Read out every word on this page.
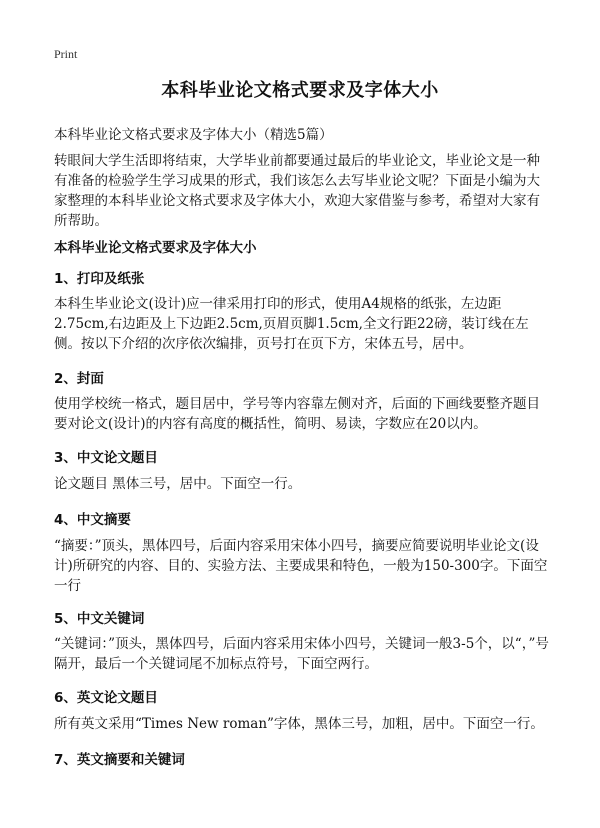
Print
本科毕业论文格式要求及字体大小
本科毕业论文格式要求及字体大小（精选5篇）
转眼间大学生活即将结束，大学毕业前都要通过最后的毕业论文，毕业论文是一种有准备的检验学生学习成果的形式，我们该怎么去写毕业论文呢？下面是小编为大家整理的本科毕业论文格式要求及字体大小，欢迎大家借鉴与参考，希望对大家有所帮助。
本科毕业论文格式要求及字体大小
1、打印及纸张
本科生毕业论文(设计)应一律采用打印的形式，使用A4规格的纸张，左边距2.75cm,右边距及上下边距2.5cm,页眉页脚1.5cm,全文行距22磅，装订线在左侧。按以下介绍的次序依次编排，页号打在页下方，宋体五号，居中。
2、封面
使用学校统一格式，题目居中，学号等内容靠左侧对齐，后面的下画线要整齐题目要对论文(设计)的内容有高度的概括性，简明、易读，字数应在20以内。
3、中文论文题目
论文题目 黑体三号，居中。下面空一行。
4、中文摘要
“摘要：”顶头，黑体四号，后面内容采用宋体小四号，摘要应简要说明毕业论文(设计)所研究的内容、目的、实验方法、主要成果和特色，一般为150-300字。下面空一行
5、中文关键词
“关键词：”顶头，黑体四号，后面内容采用宋体小四号，关键词一般3-5个，以“，”号隔开，最后一个关键词尾不加标点符号，下面空两行。
6、英文论文题目
所有英文采用“Times New roman”字体，黑体三号，加粗，居中。下面空一行。
7、英文摘要和关键词
